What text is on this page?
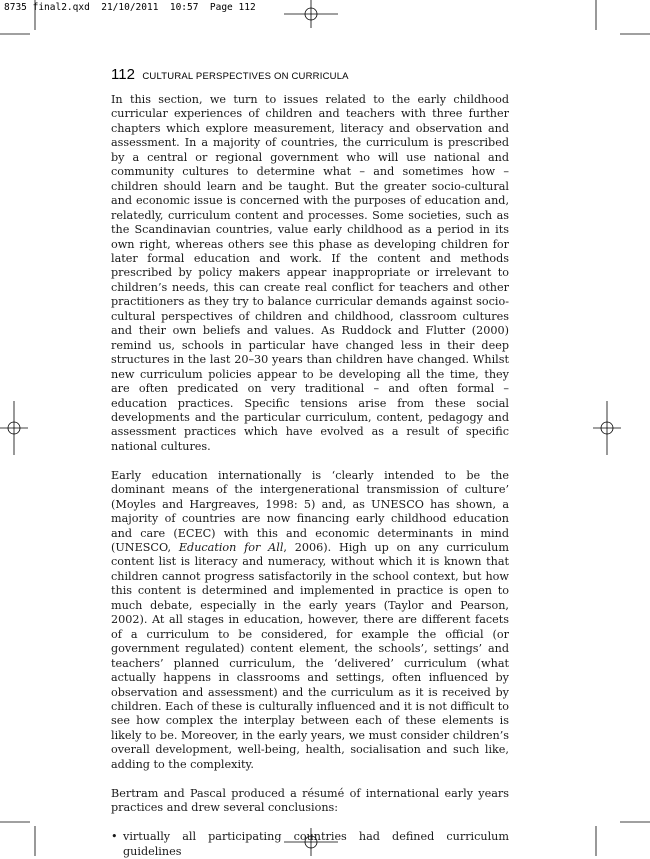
8735 final2.qxd  21/10/2011  10:57  Page 112
112 CULTURAL PERSPECTIVES ON CURRICULA

In this section, we turn to issues related to the early childhood curricular experiences of children and teachers with three further chapters which explore measurement, literacy and observation and assessment. In a majority of countries, the curriculum is prescribed by a central or regional government who will use national and community cultures to determine what – and sometimes how – children should learn and be taught. But the greater socio-cultural and economic issue is concerned with the purposes of education and, relatedly, curriculum content and processes. Some societies, such as the Scandinavian countries, value early childhood as a period in its own right, whereas others see this phase as developing children for later formal education and work. If the content and methods prescribed by policy makers appear inappropriate or irrelevant to children’s needs, this can create real conflict for teachers and other practitioners as they try to balance curricular demands against socio-cultural perspectives of children and childhood, classroom cultures and their own beliefs and values. As Ruddock and Flutter (2000) remind us, schools in particular have changed less in their deep structures in the last 20–30 years than children have changed. Whilst new curriculum policies appear to be developing all the time, they are often predicated on very traditional – and often formal – education practices. Specific tensions arise from these social developments and the particular curriculum, content, pedagogy and assessment practices which have evolved as a result of specific national cultures.

Early education internationally is ‘clearly intended to be the dominant means of the intergenerational transmission of culture’ (Moyles and Hargreaves, 1998: 5) and, as UNESCO has shown, a majority of countries are now financing early childhood education and care (ECEC) with this and economic determinants in mind (UNESCO, Education for All, 2006). High up on any curriculum content list is literacy and numeracy, without which it is known that children cannot progress satisfactorily in the school context, but how this content is determined and implemented in practice is open to much debate, especially in the early years (Taylor and Pearson, 2002). At all stages in education, however, there are different facets of a curriculum to be considered, for example the official (or government regulated) content element, the schools’, settings’ and teachers’ planned curriculum, the ‘delivered’ curriculum (what actually happens in classrooms and settings, often influenced by observation and assessment) and the curriculum as it is received by children. Each of these is culturally influenced and it is not difficult to see how complex the interplay between each of these elements is likely to be. Moreover, in the early years, we must consider children’s overall development, well-being, health, socialisation and such like, adding to the complexity.

Bertram and Pascal produced a résumé of international early years practices and drew several conclusions:

• virtually all participating countries had defined curriculum guidelines
